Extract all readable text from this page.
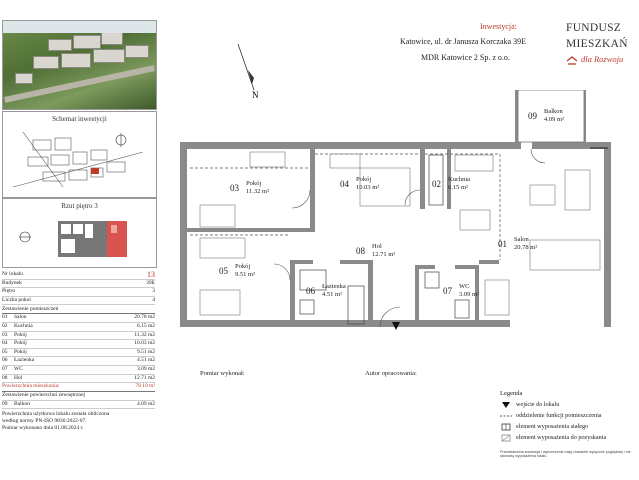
Schemat inwestycji
Rzut piętro 3
Nr lokalu	13
Budynek	39E
Piętro	3
Liczba pokoi	4
Zestawienie pomieszczeń
01	Salon	20.78 m2
02	Kuchnia	6.15 m2
03	Pokój	11.32 m2
04	Pokój	10.03 m2
05	Pokój	9.51 m2
06	Łazienka	4.51 m2
07	WC	3.09 m2
08	Hol	12.71 m2
Powierzchnia mieszkania:	78.10 m²
Zestawienie powierzchni zewnętrznej
09	Balkon	4.09 m2
Powierzchnia użytkowa lokalu została obliczona
według normy PN-ISO 9836:2022-07.
Pomiar wykonano dnia 01.08.2024 r.
Inwestycja:
Katowice, ul. dr Janusza Korczaka 39E
MDR Katowice 2 Sp. z o.o.
FUNDUSZ
MIESZKAŃ
dla Rozwoju
N
09 Balkon
4.09 m²
03 Pokój
11.32 m²
04 Pokój
10.03 m²	02 Kuchnia
6.15 m²
08 Hol
12.71 m²
01 Salon
20.78 m²
05 Pokój
9.51 m²
06 Łazienka
4.51 m²	07 WC
3.09 m²
Pomiar wykonał:	Autor opracowania:
Legenda
wejście do lokalu
oddzielenie funkcji pomieszczenia
element wyposażenia stałego
element wyposażenia do pozyskania
Przedstawiona aranżacja i wykończenie mają charakter wyłącznie poglądowy i nie stanowią wyposażenia lokalu.
